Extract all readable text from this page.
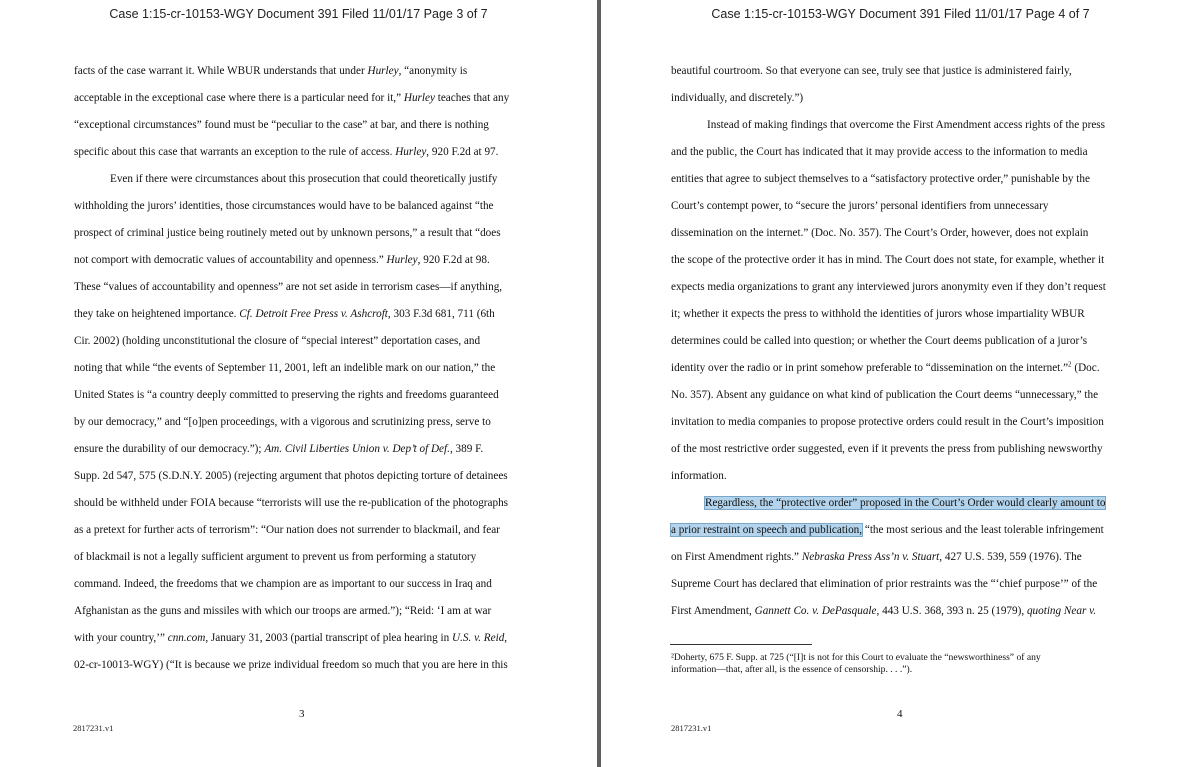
Case 1:15-cr-10153-WGY Document 391 Filed 11/01/17 Page 3 of 7
facts of the case warrant it. While WBUR understands that under Hurley, “anonymity is
acceptable in the exceptional case where there is a particular need for it,” Hurley teaches that any
“exceptional circumstances” found must be “peculiar to the case” at bar, and there is nothing
specific about this case that warrants an exception to the rule of access. Hurley, 920 F.2d at 97.
Even if there were circumstances about this prosecution that could theoretically justify
withholding the jurors’ identities, those circumstances would have to be balanced against “the
prospect of criminal justice being routinely meted out by unknown persons,” a result that “does
not comport with democratic values of accountability and openness.” Hurley, 920 F.2d at 98.
These “values of accountability and openness” are not set aside in terrorism cases—if anything,
they take on heightened importance. Cf. Detroit Free Press v. Ashcroft, 303 F.3d 681, 711 (6th
Cir. 2002) (holding unconstitutional the closure of “special interest” deportation cases, and
noting that while “the events of September 11, 2001, left an indelible mark on our nation,” the
United States is “a country deeply committed to preserving the rights and freedoms guaranteed
by our democracy,” and “[o]pen proceedings, with a vigorous and scrutinizing press, serve to
ensure the durability of our democracy.”); Am. Civil Liberties Union v. Dep’t of Def., 389 F.
Supp. 2d 547, 575 (S.D.N.Y. 2005) (rejecting argument that photos depicting torture of detainees
should be withheld under FOIA because “terrorists will use the re-publication of the photographs
as a pretext for further acts of terrorism”: “Our nation does not surrender to blackmail, and fear
of blackmail is not a legally sufficient argument to prevent us from performing a statutory
command. Indeed, the freedoms that we champion are as important to our success in Iraq and
Afghanistan as the guns and missiles with which our troops are armed.”); “Reid: ‘I am at war
with your country,’” cnn.com, January 31, 2003 (partial transcript of plea hearing in U.S. v. Reid,
02-cr-10013-WGY) (“It is because we prize individual freedom so much that you are here in this
3
2817231.v1
Case 1:15-cr-10153-WGY Document 391 Filed 11/01/17 Page 4 of 7
beautiful courtroom. So that everyone can see, truly see that justice is administered fairly,
individually, and discretely.”)
Instead of making findings that overcome the First Amendment access rights of the press
and the public, the Court has indicated that it may provide access to the information to media
entities that agree to subject themselves to a “satisfactory protective order,” punishable by the
Court’s contempt power, to “secure the jurors’ personal identifiers from unnecessary
dissemination on the internet.” (Doc. No. 357). The Court’s Order, however, does not explain
the scope of the protective order it has in mind. The Court does not state, for example, whether it
expects media organizations to grant any interviewed jurors anonymity even if they don’t request
it; whether it expects the press to withhold the identities of jurors whose impartiality WBUR
determines could be called into question; or whether the Court deems publication of a juror’s
identity over the radio or in print somehow preferable to “dissemination on the internet.”$^2$ (Doc.
No. 357). Absent any guidance on what kind of publication the Court deems “unnecessary,” the
invitation to media companies to propose protective orders could result in the Court’s imposition
of the most restrictive order suggested, even if it prevents the press from publishing newsworthy
information.
Regardless, the “protective order” proposed in the Court’s Order would clearly amount to
a prior restraint on speech and publication, “the most serious and the least tolerable infringement
on First Amendment rights.” Nebraska Press Ass’n v. Stuart, 427 U.S. 539, 559 (1976). The
Supreme Court has declared that elimination of prior restraints was the “‘chief purpose’” of the
First Amendment, Gannett Co. v. DePasquale, 443 U.S. 368, 393 n. 25 (1979), quoting Near v.
²Doherty, 675 F. Supp. at 725 (“[I]t is not for this Court to evaluate the “newsworthiness” of any
information—that, after all, is the essence of censorship. . . .”).
4
2817231.v1
